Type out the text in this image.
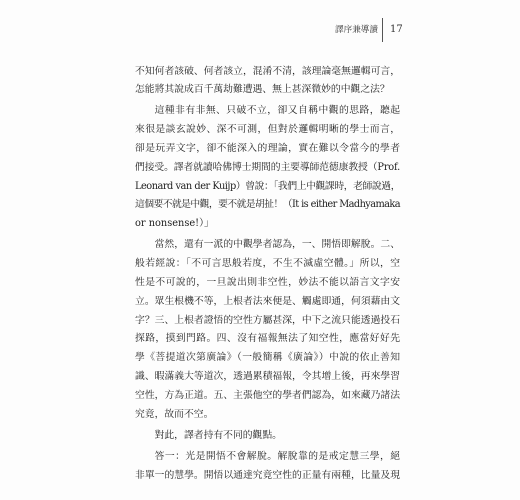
譯序兼導讀 17
不知何者該破、何者該立，混淆不清，該理論毫無邏輯可言，
怎能將其說成百千萬劫難遭遇、無上甚深微妙的中觀之法？
這種非有非無、只破不立，卻又自稱中觀的思路，聽起
來很是談玄說妙、深不可測，但對於邏輯明晰的學士而言，
卻是玩弄文字，卻不能深入的理論，實在難以令當今的學者
們接受。譯者就讀哈佛博士期間的主要導師范德康教授（Prof.
Leonard van der Kuijp）曾說：「我們上中觀課時，老師說過，
這個要不就是中觀，要不就是胡扯！（It is either Madhyamaka
or nonsense!）」
當然，還有一派的中觀學者認為，一、開悟即解脫。二、
般若經說：「不可言思般若度，不生不滅虛空體。」所以，空
性是不可說的，一旦說出則非空性，妙法不能以語言文字安
立。眾生根機不等，上根者法來便是、觸處即通，何須藉由文
字？三、上根者證悟的空性方屬甚深，中下之流只能透過投石
探路，摸到門路。四、沒有福報無法了知空性，應當好好先
學《菩提道次第廣論》（一般簡稱《廣論》）中說的依止善知
識、暇滿義大等道次，透過累積福報，令其增上後，再來學習
空性，方為正道。五、主張他空的學者們認為，如來藏乃諸法
究竟，故而不空。
對此，譯者持有不同的觀點。
答一：光是開悟不會解脫。解脫靠的是戒定慧三學，絕
非單一的慧學。開悟以通達究竟空性的正量有兩種，比量及現
